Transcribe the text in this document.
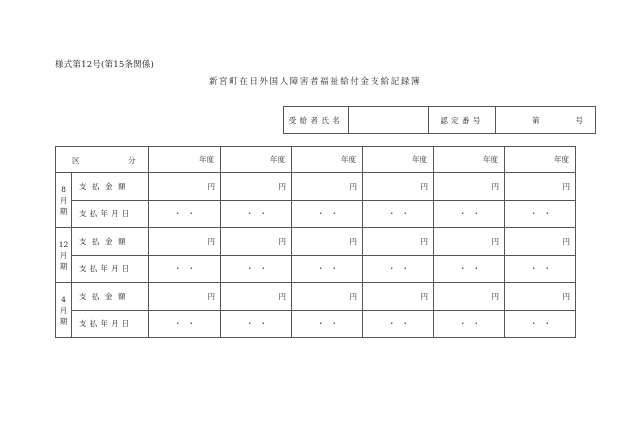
様式第12号(第15条関係)
新宮町在日外国人障害者福祉給付金支給記録簿
受給者氏名		認定番号	第	号
区 分		年度	年度	年度	年度	年度	年度
8月期	支払金額	円	円	円	円	円	円
	支払年月日	・・	・・	・・	・・	・・	・・
12月期	支払金額	円	円	円	円	円	円
	支払年月日	・・	・・	・・	・・	・・	・・
4月期	支払金額	円	円	円	円	円	円
	支払年月日	・・	・・	・・	・・	・・	・・
